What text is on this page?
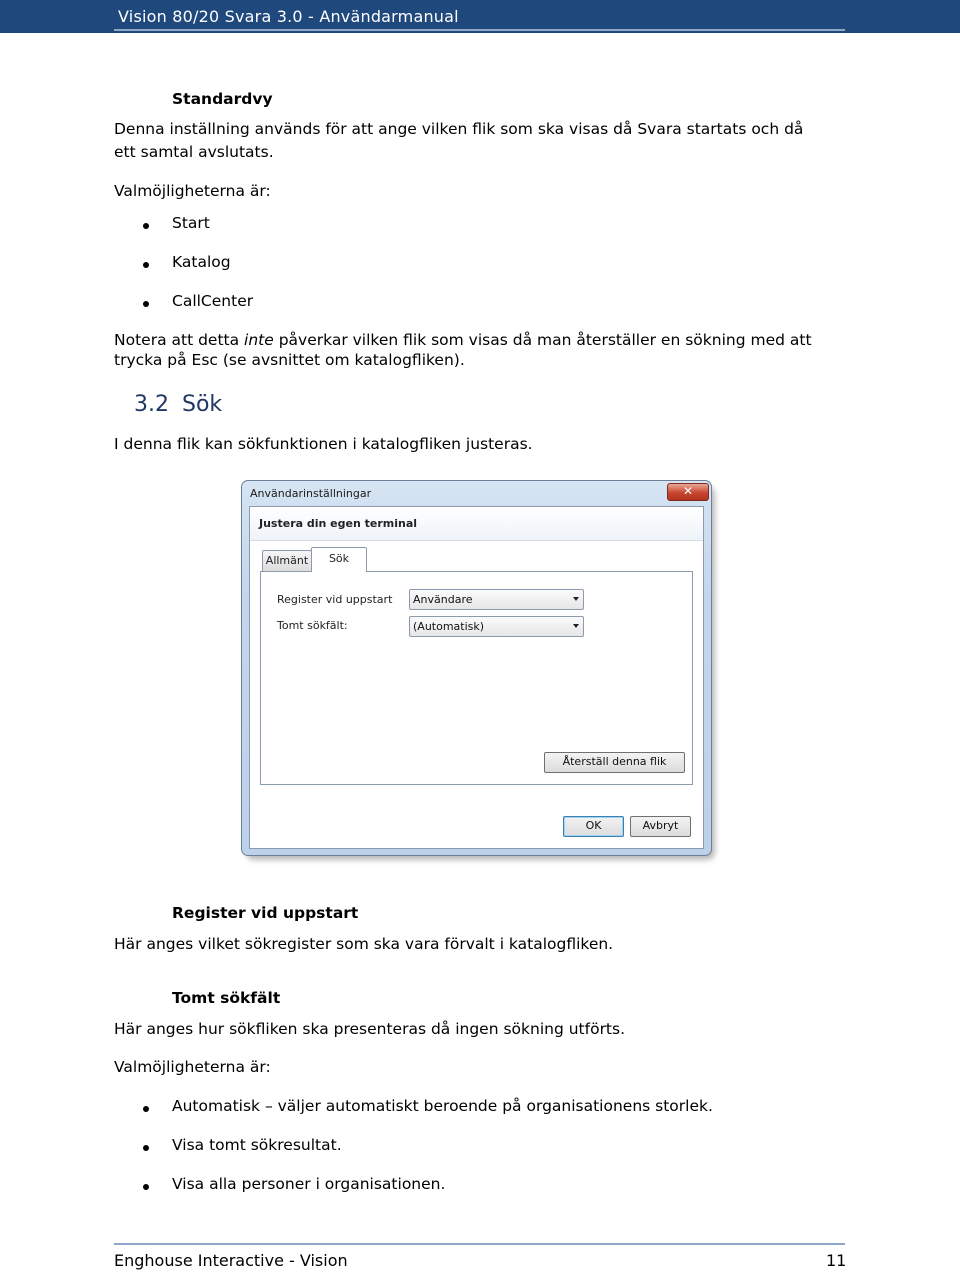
Vision 80/20 Svara 3.0 - Användarmanual
Standardvy
Denna inställning används för att ange vilken flik som ska visas då Svara startats och då
ett samtal avslutats.
Valmöjligheterna är:
Start
Katalog
CallCenter
Notera att detta inte påverkar vilken flik som visas då man återställer en sökning med att
trycka på Esc (se avsnittet om katalogfliken).
3.2 Sök
I denna flik kan sökfunktionen i katalogfliken justeras.
Användarinställningar	✕
Justera din egen terminal
Allmänt	Sök
Register vid uppstart Användare
Tomt sökfält:	(Automatisk)
Återställ denna flik
OK	Avbryt
Register vid uppstart
Här anges vilket sökregister som ska vara förvalt i katalogfliken.
Tomt sökfält
Här anges hur sökfliken ska presenteras då ingen sökning utförts.
Valmöjligheterna är:
Automatisk – väljer automatiskt beroende på organisationens storlek.
Visa tomt sökresultat.
Visa alla personer i organisationen.
Enghouse Interactive - Vision	11
